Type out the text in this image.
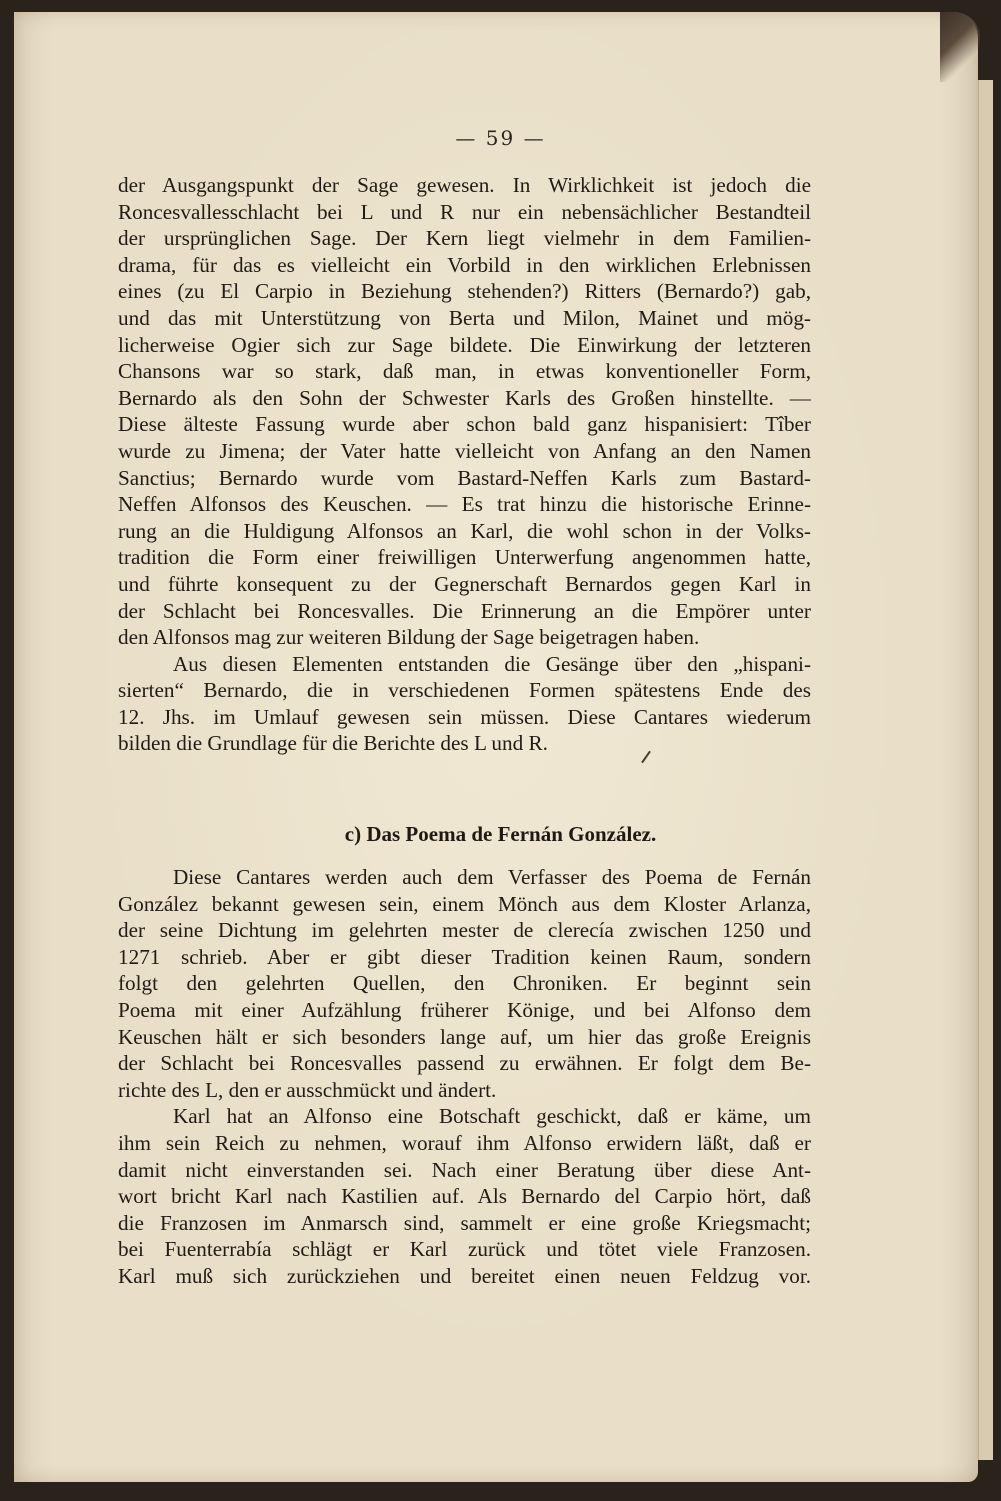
— 59 —
der Ausgangspunkt der Sage gewesen. In Wirklichkeit ist jedoch die
Roncesvallesschlacht bei L und R nur ein nebensächlicher Bestandteil
der ursprünglichen Sage. Der Kern liegt vielmehr in dem Familien-
drama, für das es vielleicht ein Vorbild in den wirklichen Erlebnissen
eines (zu El Carpio in Beziehung stehenden?) Ritters (Bernardo?) gab,
und das mit Unterstützung von Berta und Milon, Mainet und mög-
licherweise Ogier sich zur Sage bildete. Die Einwirkung der letzteren
Chansons war so stark, daß man, in etwas konventioneller Form,
Bernardo als den Sohn der Schwester Karls des Großen hinstellte. —
Diese älteste Fassung wurde aber schon bald ganz hispanisiert: Tîber
wurde zu Jimena; der Vater hatte vielleicht von Anfang an den Namen
Sanctius; Bernardo wurde vom Bastard-Neffen Karls zum Bastard-
Neffen Alfonsos des Keuschen. — Es trat hinzu die historische Erinne-
rung an die Huldigung Alfonsos an Karl, die wohl schon in der Volks-
tradition die Form einer freiwilligen Unterwerfung angenommen hatte,
und führte konsequent zu der Gegnerschaft Bernardos gegen Karl in
der Schlacht bei Roncesvalles. Die Erinnerung an die Empörer unter
den Alfonsos mag zur weiteren Bildung der Sage beigetragen haben.
Aus diesen Elementen entstanden die Gesänge über den „hispani-
sierten“ Bernardo, die in verschiedenen Formen spätestens Ende des
12. Jhs. im Umlauf gewesen sein müssen. Diese Cantares wiederum
bilden die Grundlage für die Berichte des L und R.
c) Das Poema de Fernán González.
Diese Cantares werden auch dem Verfasser des Poema de Fernán
González bekannt gewesen sein, einem Mönch aus dem Kloster Arlanza,
der seine Dichtung im gelehrten mester de clerecía zwischen 1250 und
1271 schrieb. Aber er gibt dieser Tradition keinen Raum, sondern
folgt den gelehrten Quellen, den Chroniken. Er beginnt sein
Poema mit einer Aufzählung früherer Könige, und bei Alfonso dem
Keuschen hält er sich besonders lange auf, um hier das große Ereignis
der Schlacht bei Roncesvalles passend zu erwähnen. Er folgt dem Be-
richte des L, den er ausschmückt und ändert.
Karl hat an Alfonso eine Botschaft geschickt, daß er käme, um
ihm sein Reich zu nehmen, worauf ihm Alfonso erwidern läßt, daß er
damit nicht einverstanden sei. Nach einer Beratung über diese Ant-
wort bricht Karl nach Kastilien auf. Als Bernardo del Carpio hört, daß
die Franzosen im Anmarsch sind, sammelt er eine große Kriegsmacht;
bei Fuenterrabía schlägt er Karl zurück und tötet viele Franzosen.
Karl muß sich zurückziehen und bereitet einen neuen Feldzug vor.
